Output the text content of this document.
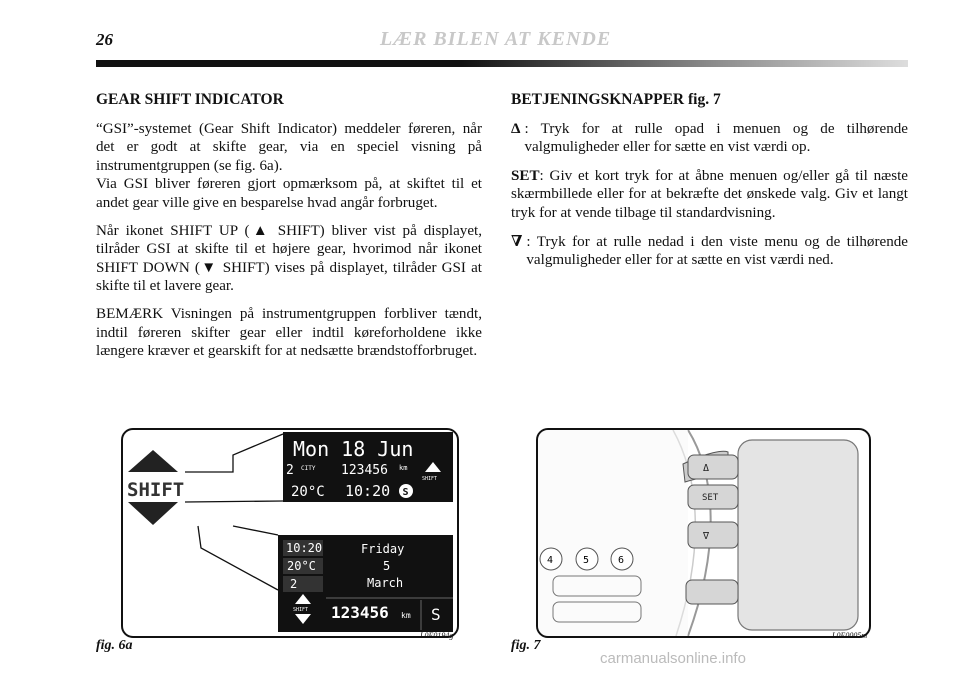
26	LÆR BILEN AT KENDE
GEAR SHIFT INDICATOR

“GSI”-systemet (Gear Shift Indicator) meddeler føreren, når det er godt at skifte gear, via en speciel visning på instrumentgruppen (se fig. 6a).
Via GSI bliver føreren gjort opmærksom på, at skiftet til et andet gear ville give en besparelse hvad angår forbruget.

Når ikonet SHIFT UP (▲ SHIFT) bliver vist på displayet, tilråder GSI at skifte til et højere gear, hvorimod når ikonet SHIFT DOWN (▼ SHIFT) vises på displayet, tilråder GSI at skifte til et lavere gear.

BEMÆRK Visningen på instrumentgruppen forbliver tændt, indtil føreren skifter gear eller indtil køreforholdene ikke længere kræver et gearskift for at nedsætte brændstofforbruget.

BETJENINGSKNAPPER fig. 7
Δ : Tryk for at rulle opad i menuen og de tilhørende valgmuligheder eller for sætte en vist værdi op.
SET: Giv et kort tryk for at åbne menuen og/eller gå til næste skærmbillede eller for at bekræfte det ønskede valg. Giv et langt tryk for at vende tilbage til standardvisning.
∇ : Tryk for at rulle nedad i den viste menu og de tilhørende valgmuligheder eller for at sætte en vist værdi ned.
SHIFT
Mon 18 Jun
2 CITY 123456 km
SHIFT
20°C 10:20 S
10:20
20°C
2
SHIFT
Friday
5
March
123456 km S
fig. 6a
L0E0194g
Δ
SET
∇
4	5	6
fig. 7
L0E0005m
carmanualsonline.info
